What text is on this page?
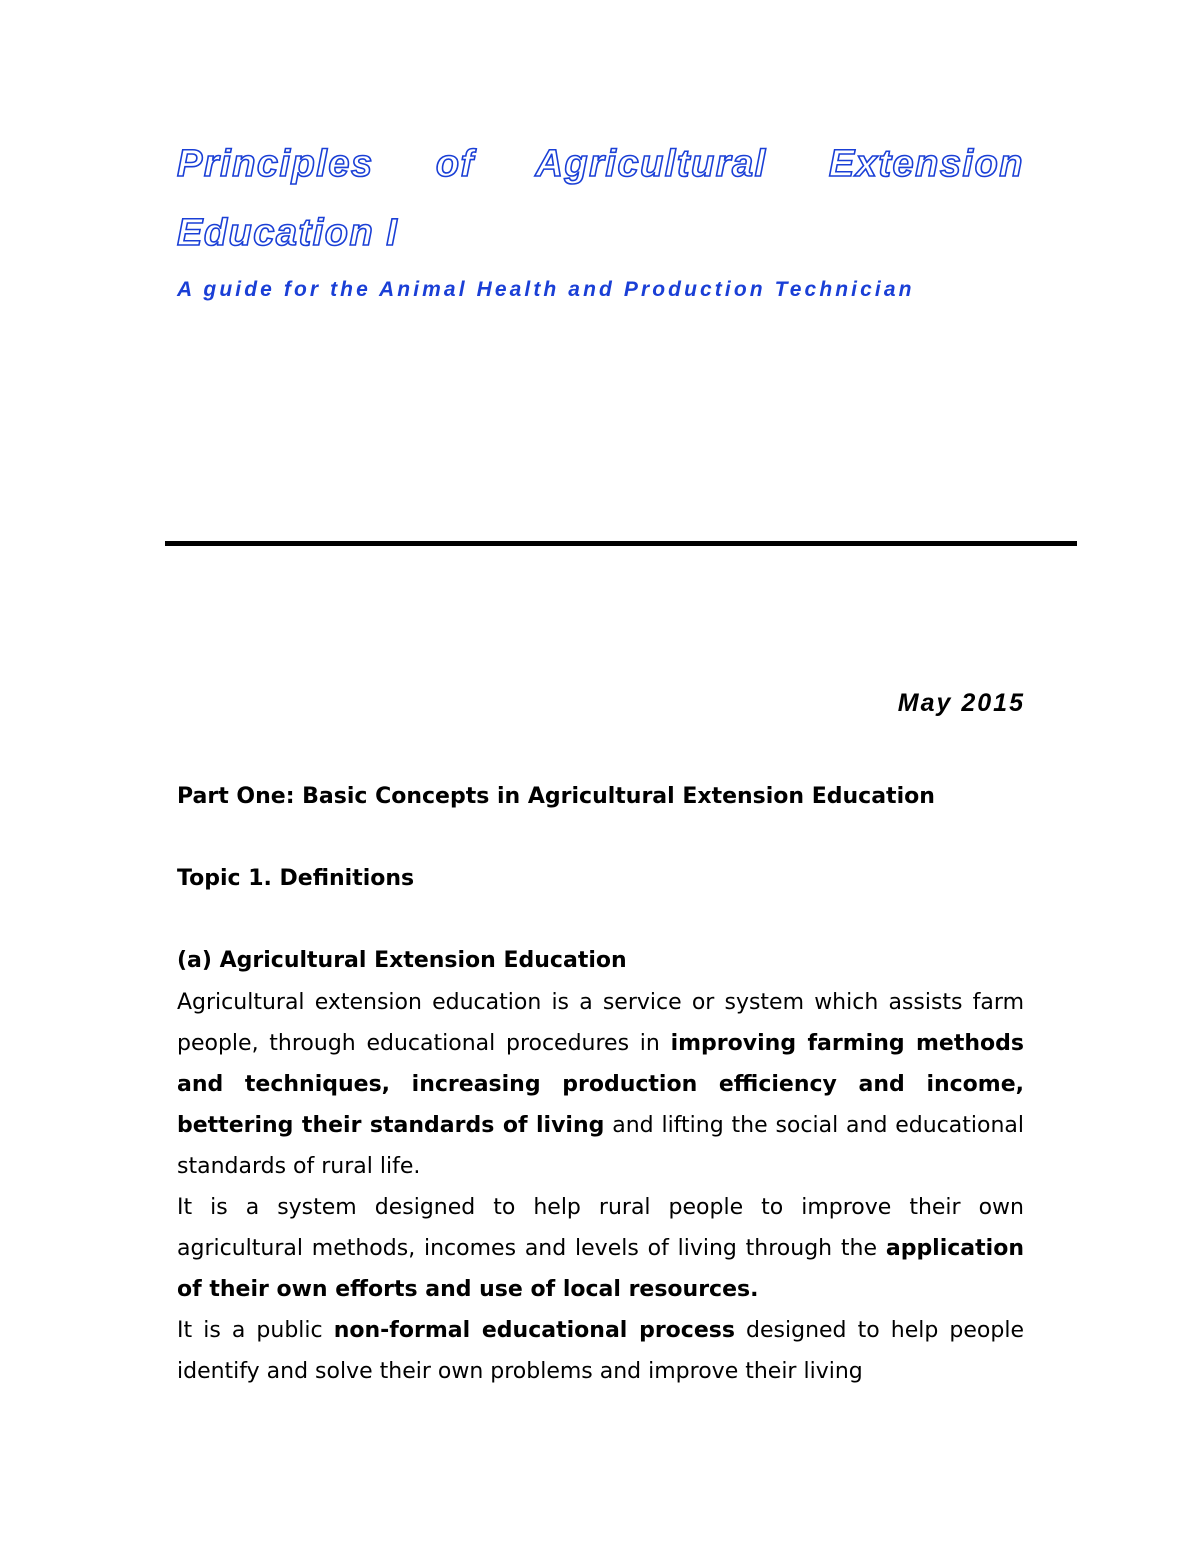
Principles of Agricultural Extension
Education I
A guide for the Animal Health and Production Technician
May 2015
Part One: Basic Concepts in Agricultural Extension Education
Topic 1. Definitions
(a) Agricultural Extension Education

Agricultural extension education is a service or system which assists farm people, through educational procedures in improving farming methods and techniques, increasing production efficiency and income, bettering their standards of living and lifting the social and educational standards of rural life.

It is a system designed to help rural people to improve their own agricultural methods, incomes and levels of living through the application of their own efforts and use of local resources.

It is a public non-formal educational process designed to help people identify and solve their own problems and improve their living
